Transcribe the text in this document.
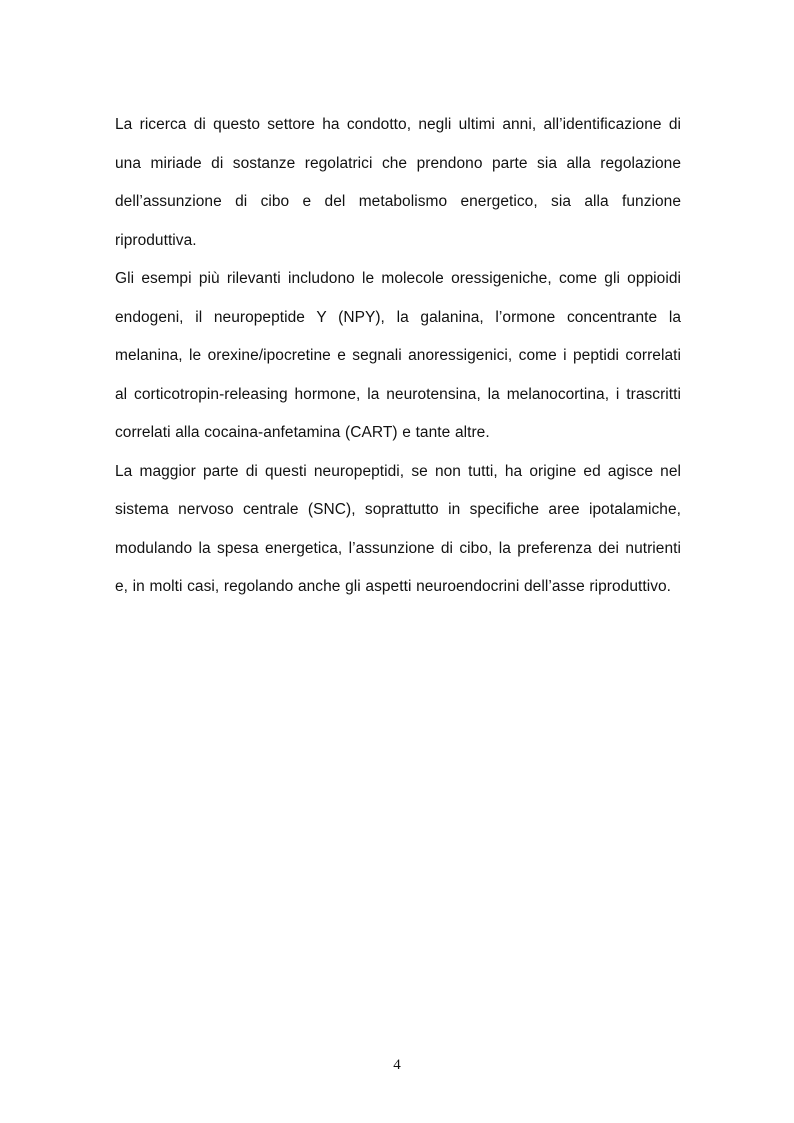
La ricerca di questo settore ha condotto, negli ultimi anni, all’identificazione di una miriade di sostanze regolatrici che prendono parte sia alla regolazione dell’assunzione di cibo e del metabolismo energetico, sia alla funzione riproduttiva.

Gli esempi più rilevanti includono le molecole oressigeniche, come gli oppioidi endogeni, il neuropeptide Y (NPY), la galanina, l’ormone concentrante la melanina, le orexine/ipocretine e segnali anoressigenici, come i peptidi correlati al corticotropin-releasing hormone, la neurotensina, la melanocortina, i trascritti correlati alla cocaina-anfetamina (CART) e tante altre.

La maggior parte di questi neuropeptidi, se non tutti, ha origine ed agisce nel sistema nervoso centrale (SNC), soprattutto in specifiche aree ipotalamiche, modulando la spesa energetica, l’assunzione di cibo, la preferenza dei nutrienti e, in molti casi, regolando anche gli aspetti neuroendocrini dell’asse riproduttivo.

4
